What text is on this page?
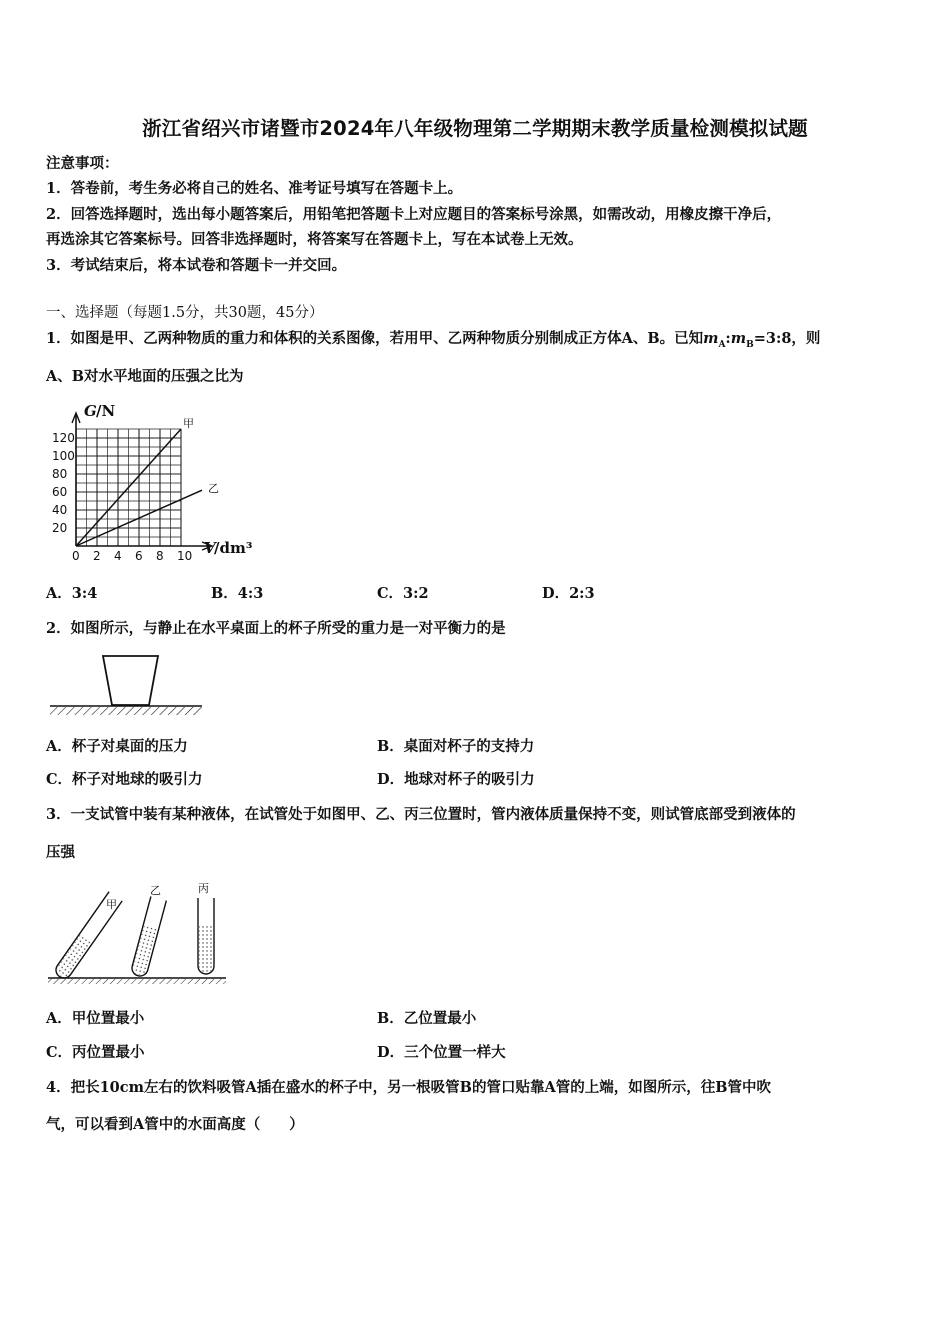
浙江省绍兴市诸暨市2024年八年级物理第二学期期末教学质量检测模拟试题
注意事项：
1．答卷前，考生务必将自己的姓名、准考证号填写在答题卡上。
2．回答选择题时，选出每小题答案后，用铅笔把答题卡上对应题目的答案标号涂黑，如需改动，用橡皮擦干净后，
再选涂其它答案标号。回答非选择题时，将答案写在答题卡上，写在本试卷上无效。
3．考试结束后，将本试卷和答题卡一并交回。
一、选择题（每题1.5分，共30题，45分）
1．如图是甲、乙两种物质的重力和体积的关系图像，若用甲、乙两种物质分别制成正方体A、B。已知$m_A:m_B=3:8$，则
A、B对水平地面的压强之比为
G /N
V
/dm³
2 4 6 8 10
20
40
60
80
100
120
0
甲
乙
A．3:4	B．4:3	C．3:2	D．2:3
2．如图所示，与静止在水平桌面上的杯子所受的重力是一对平衡力的是
A．杯子对桌面的压力	B．桌面对杯子的支持力
C．杯子对地球的吸引力	D．地球对杯子的吸引力
3．一支试管中装有某种液体，在试管处于如图甲、乙、丙三位置时，管内液体质量保持不变，则试管底部受到液体的
压强
甲
乙	丙
A．甲位置最小	B．乙位置最小
C．丙位置最小	D．三个位置一样大
4．把长10cm左右的饮料吸管A插在盛水的杯子中，另一根吸管B的管口贴靠A管的上端，如图所示，往B管中吹
气，可以看到A管中的水面高度（　　）
